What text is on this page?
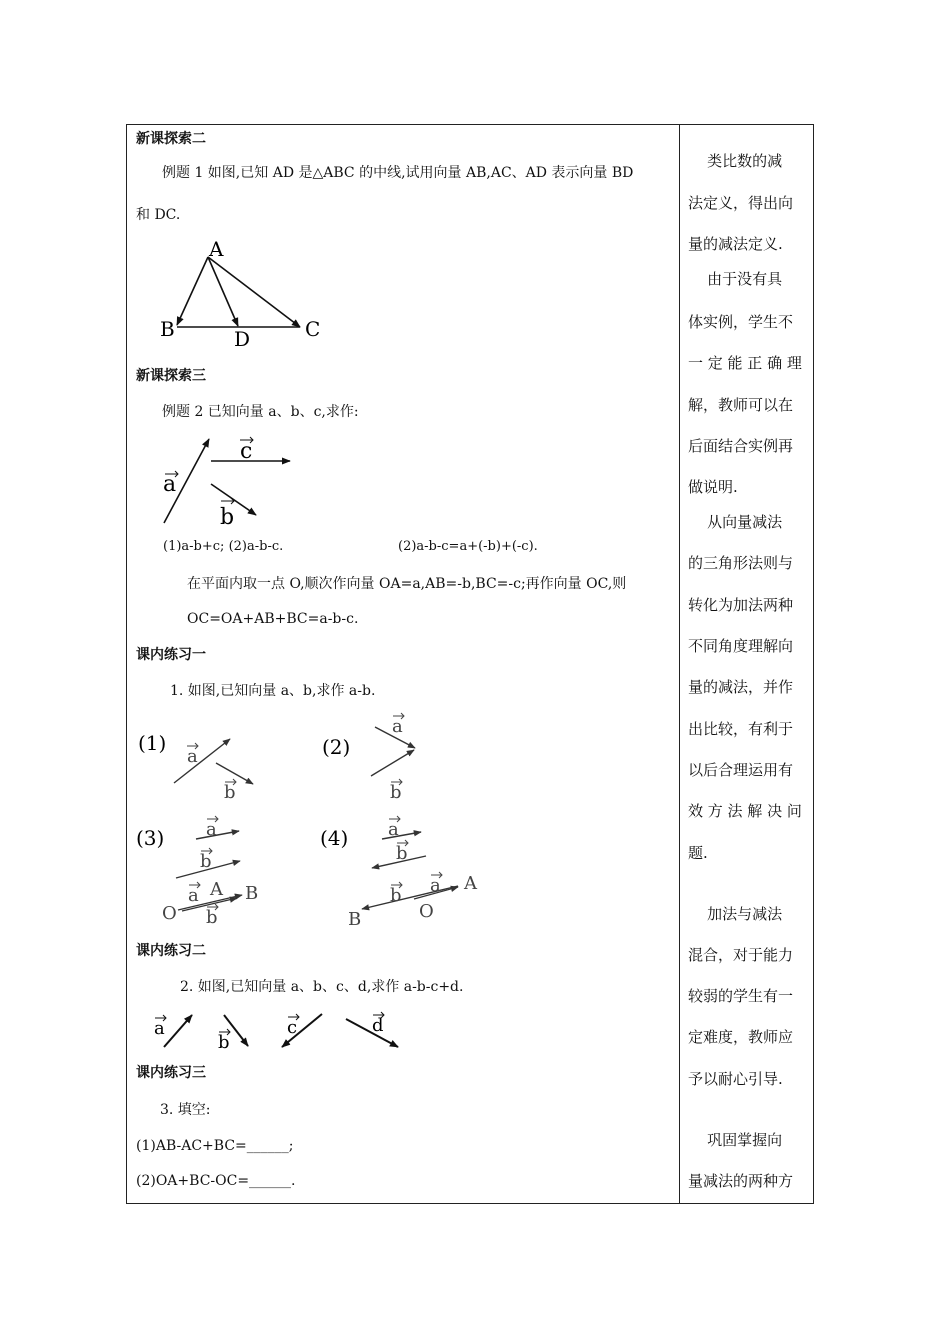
新课探索二
例题 1 如图,已知 AD 是△ABC 的中线,试用向量 AB,AC、AD 表示向量 BD
和 DC.
A
B	C
D
新课探索三
例题 2 已知向量 a、b、c,求作:
a
c
b
(1)a-b+c; (2)a-b-c.	(2)a-b-c=a+(-b)+(-c).
在平面内取一点 O,顺次作向量 OA=a,AB=-b,BC=-c;再作向量 OC,则
OC=OA+AB+BC=a-b-c.
课内练习一
1. 如图,已知向量 a、b,求作 a-b.
(1)
a
b
(2)
a
b
(3) a
b
O
A B
a
b
(4) a
b
B	O
A
b a
课内练习二
2. 如图,已知向量 a、b、c、d,求作 a-b-c+d.
a
b
c	d
课内练习三
3. 填空:
(1)AB-AC+BC=______;
(2)OA+BC-OC=______.
类比数的减
法定义，得出向
量的减法定义.
由于没有具
体实例，学生不
一 定 能 正 确 理
解，教师可以在
后面结合实例再
做说明.
从向量减法
的三角形法则与
转化为加法两种
不同角度理解向
量的减法，并作
出比较，有利于
以后合理运用有
效 方 法 解 决 问
题.
加法与减法
混合，对于能力
较弱的学生有一
定难度，教师应
予以耐心引导.
巩固掌握向
量减法的两种方
